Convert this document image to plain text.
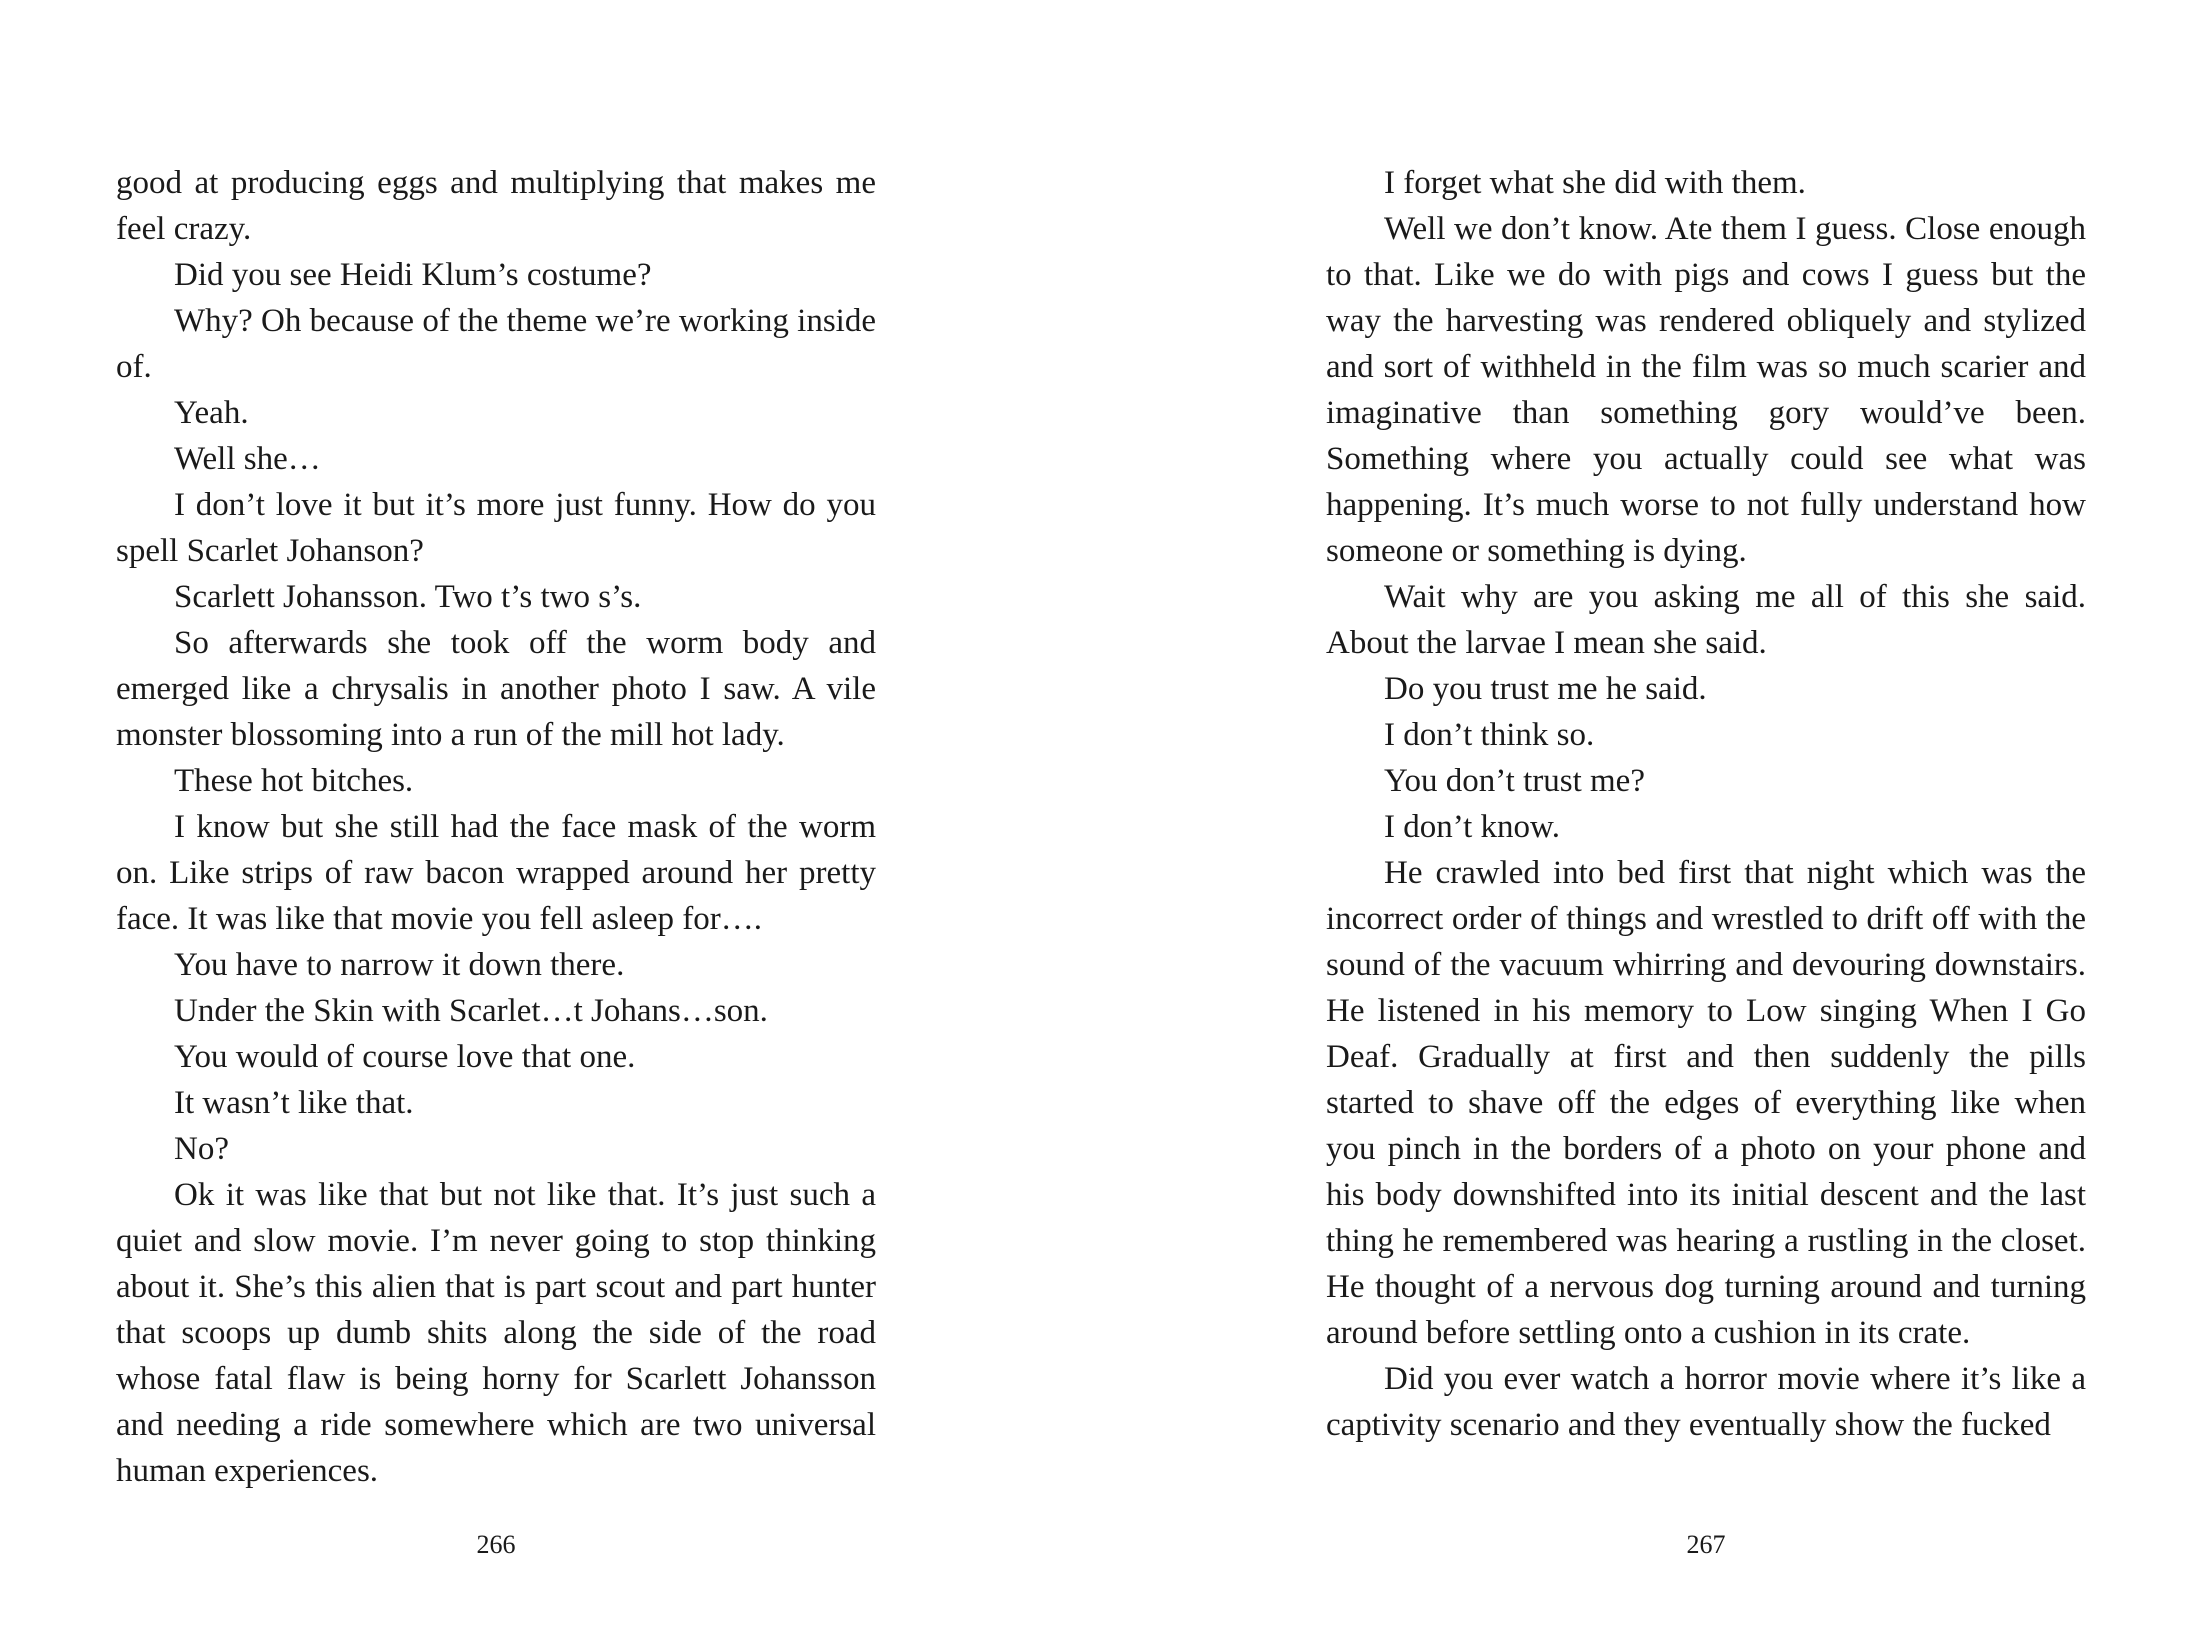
good at producing eggs and multiplying that makes me feel crazy.

Did you see Heidi Klum’s costume?

Why? Oh because of the theme we’re working inside of.

Yeah.

Well she…

I don’t love it but it’s more just funny. How do you spell Scarlet Johanson?

Scarlett Johansson. Two t’s two s’s.

So afterwards she took off the worm body and emerged like a chrysalis in another photo I saw. A vile monster blossoming into a run of the mill hot lady.

These hot bitches.

I know but she still had the face mask of the worm on. Like strips of raw bacon wrapped around her pretty face. It was like that movie you fell asleep for….

You have to narrow it down there.

Under the Skin with Scarlet…t Johans…son.

You would of course love that one.

It wasn’t like that.

No?

Ok it was like that but not like that. It’s just such a quiet and slow movie. I’m never going to stop thinking about it. She’s this alien that is part scout and part hunter that scoops up dumb shits along the side of the road whose fatal flaw is being horny for Scarlett Johansson and needing a ride somewhere which are two universal human experiences.

266

I forget what she did with them.

Well we don’t know. Ate them I guess. Close enough to that. Like we do with pigs and cows I guess but the way the harvesting was rendered obliquely and stylized and sort of withheld in the film was so much scarier and imaginative than something gory would’ve been. Something where you actually could see what was happening. It’s much worse to not fully understand how someone or something is dying.

Wait why are you asking me all of this she said. About the larvae I mean she said.

Do you trust me he said.

I don’t think so.

You don’t trust me?

I don’t know.

He crawled into bed first that night which was the incorrect order of things and wrestled to drift off with the sound of the vacuum whirring and devouring downstairs. He listened in his memory to Low singing When I Go Deaf. Gradually at first and then suddenly the pills started to shave off the edges of everything like when you pinch in the borders of a photo on your phone and his body downshifted into its initial descent and the last thing he remembered was hearing a rustling in the closet. He thought of a nervous dog turning around and turning around before settling onto a cushion in its crate.

Did you ever watch a horror movie where it’s like a captivity scenario and they eventually show the fucked

267
